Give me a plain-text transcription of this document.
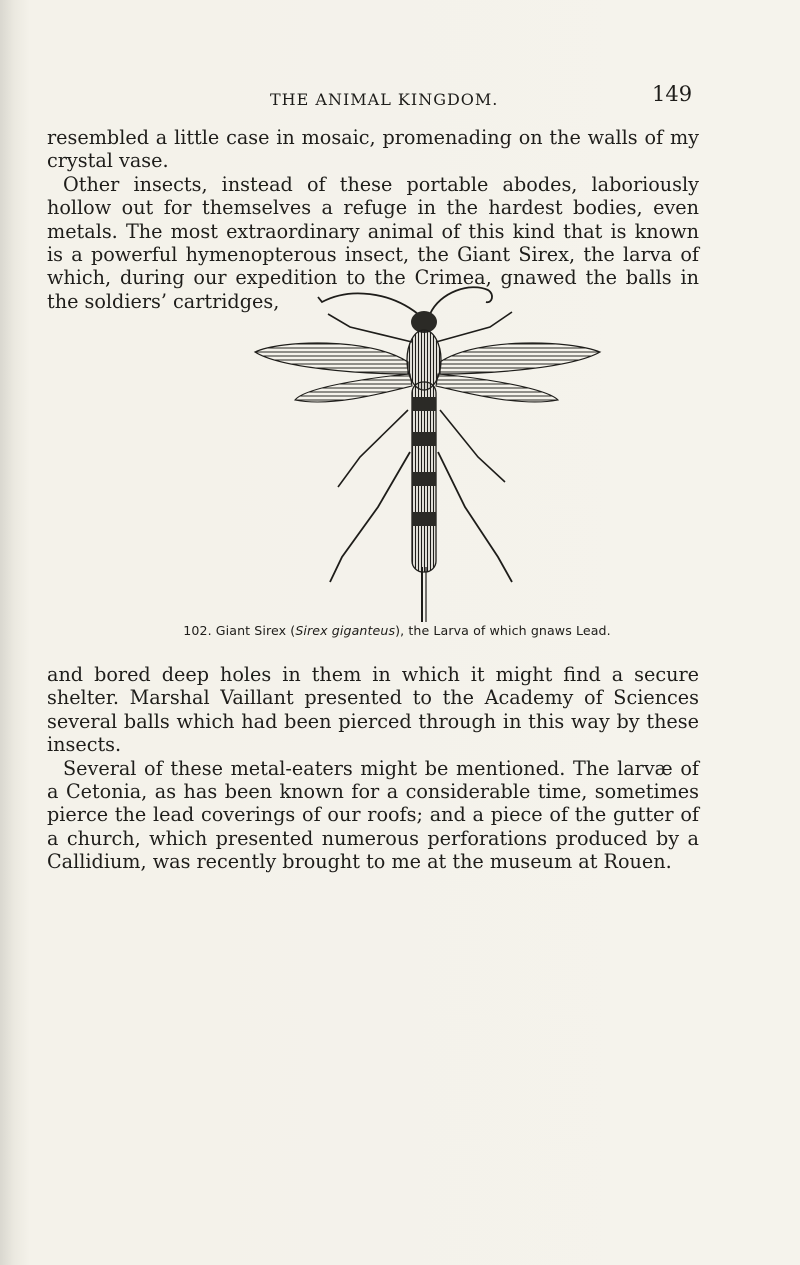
THE ANIMAL KINGDOM.	149
resembled a little case in mosaic, promenading on the walls of my crystal vase.
Other insects, instead of these portable abodes, laboriously hollow out for themselves a refuge in the hardest bodies, even metals. The most extraordinary animal of this kind that is known is a powerful hymenopterous insect, the Giant Sirex, the larva of which, during our expedition to the Crimea, gnawed the balls in the soldiers’ cartridges,
102. Giant Sirex (Sirex giganteus), the Larva of which gnaws Lead.
and bored deep holes in them in which it might find a secure shelter. Marshal Vaillant presented to the Academy of Sciences several balls which had been pierced through in this way by these insects.
Several of these metal-eaters might be mentioned. The larvæ of a Cetonia, as has been known for a considerable time, sometimes pierce the lead coverings of our roofs; and a piece of the gutter of a church, which presented numerous perforations produced by a Callidium, was recently brought to me at the museum at Rouen.
